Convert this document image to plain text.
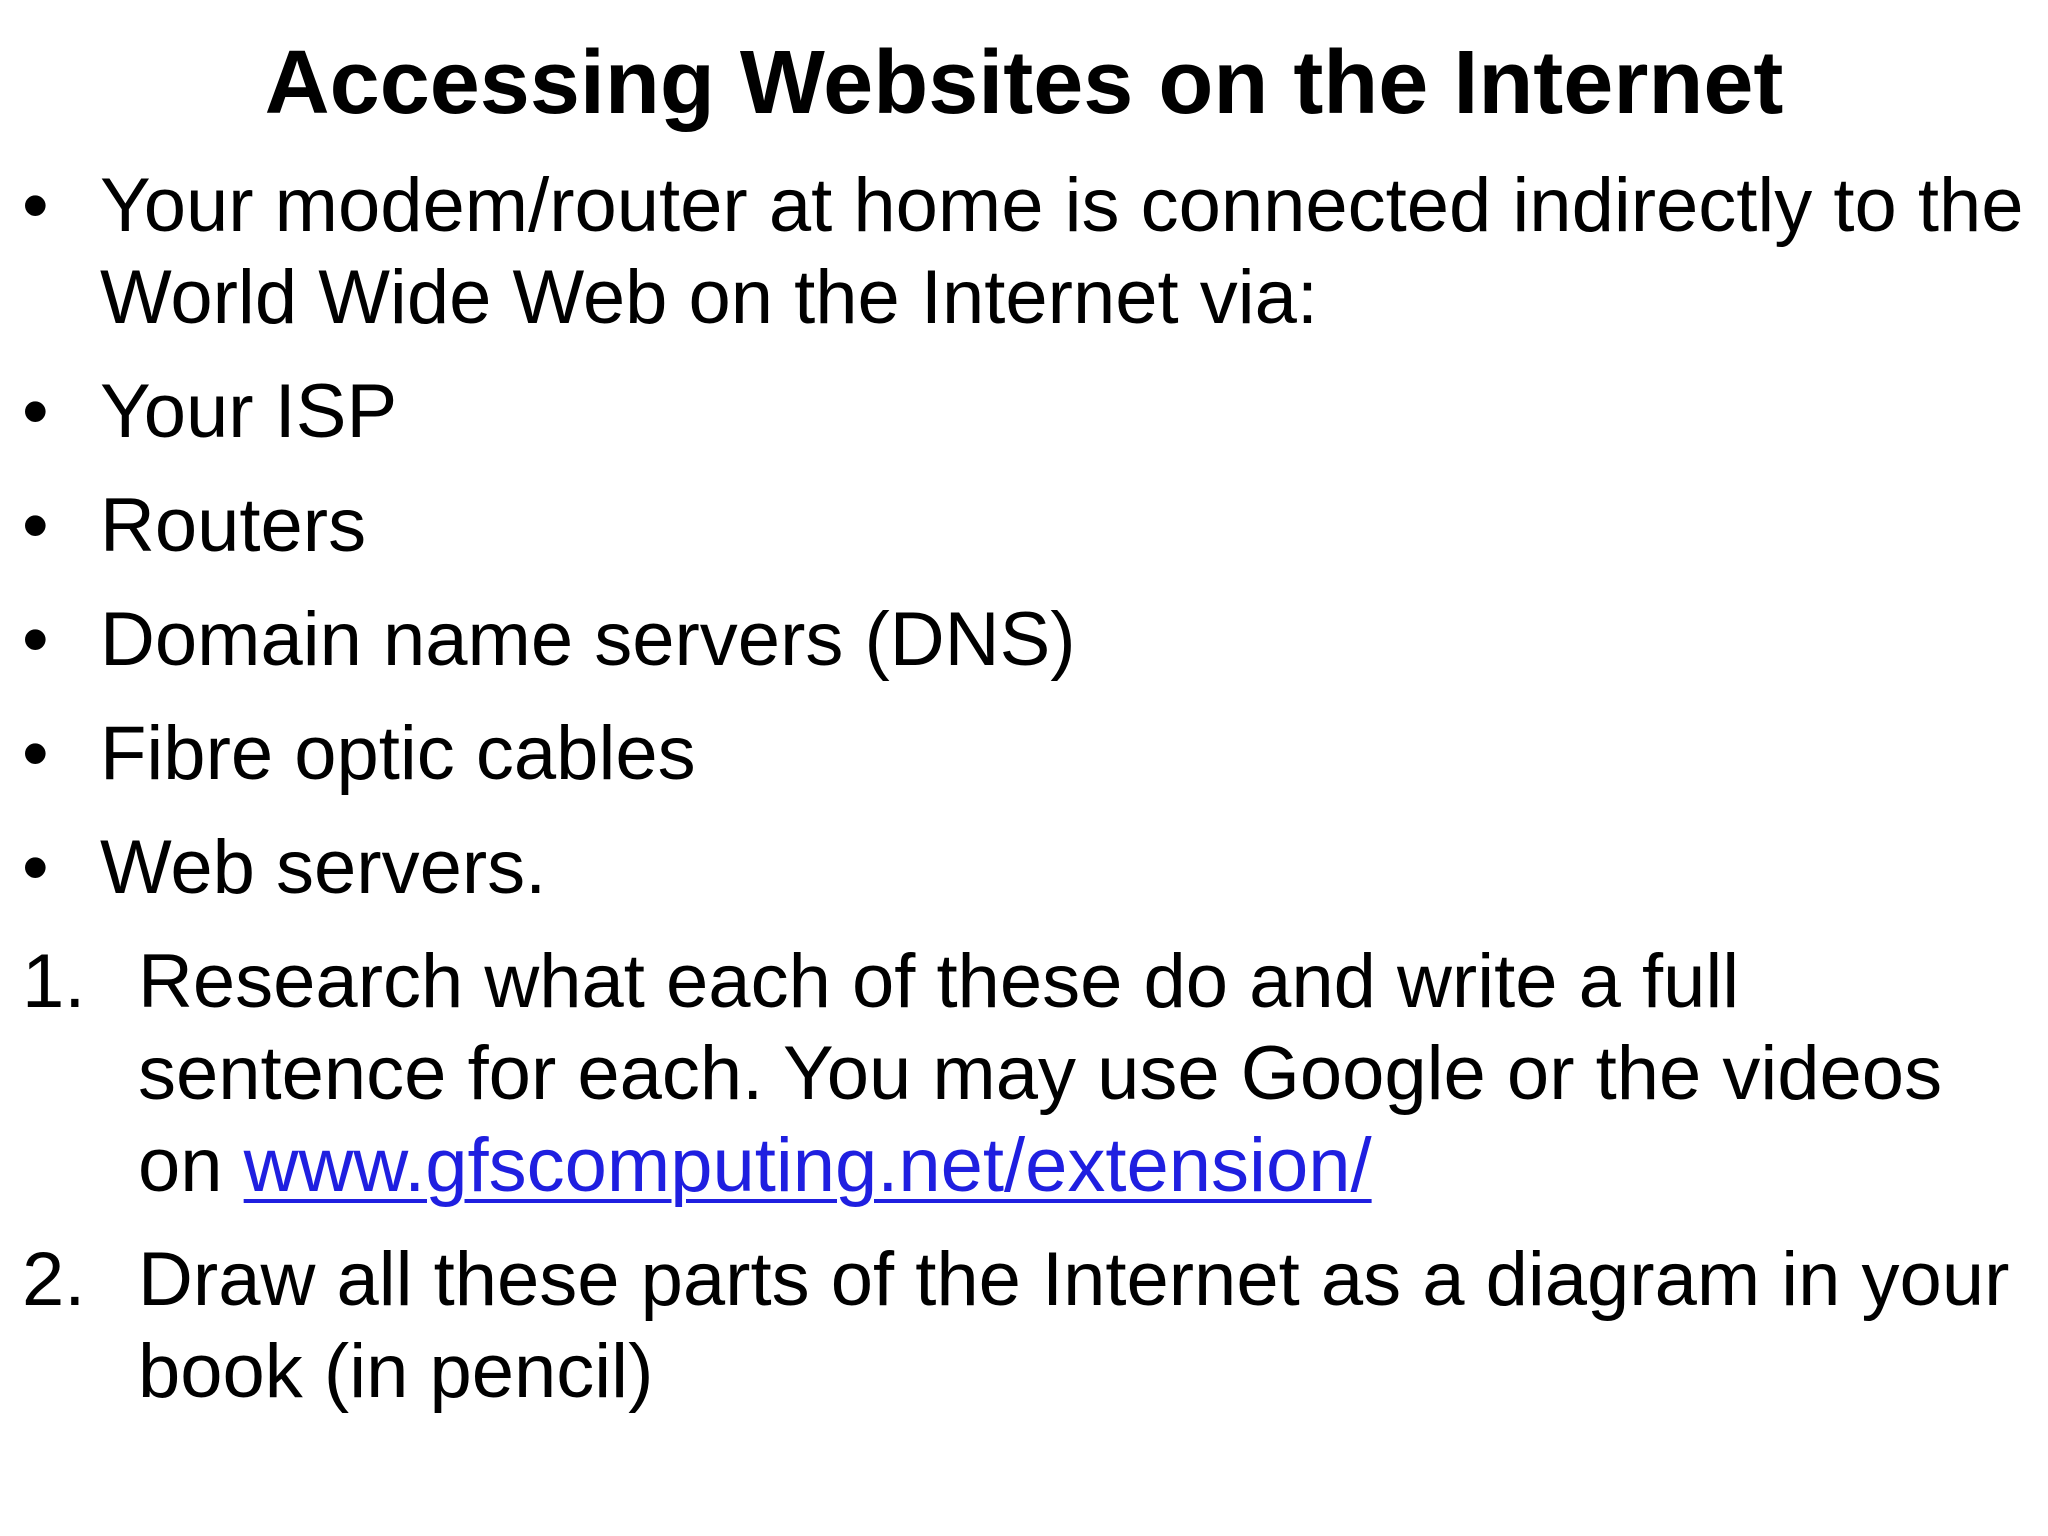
Accessing Websites on the Internet
• Your modem/router at home is connected indirectly to the World Wide Web on the Internet via:
• Your ISP
• Routers
• Domain name servers (DNS)
• Fibre optic cables
• Web servers.
1. Research what each of these do and write a full sentence for each. You may use Google or the videos on www.gfscomputing.net/extension/
2. Draw all these parts of the Internet as a diagram in your book (in pencil)
